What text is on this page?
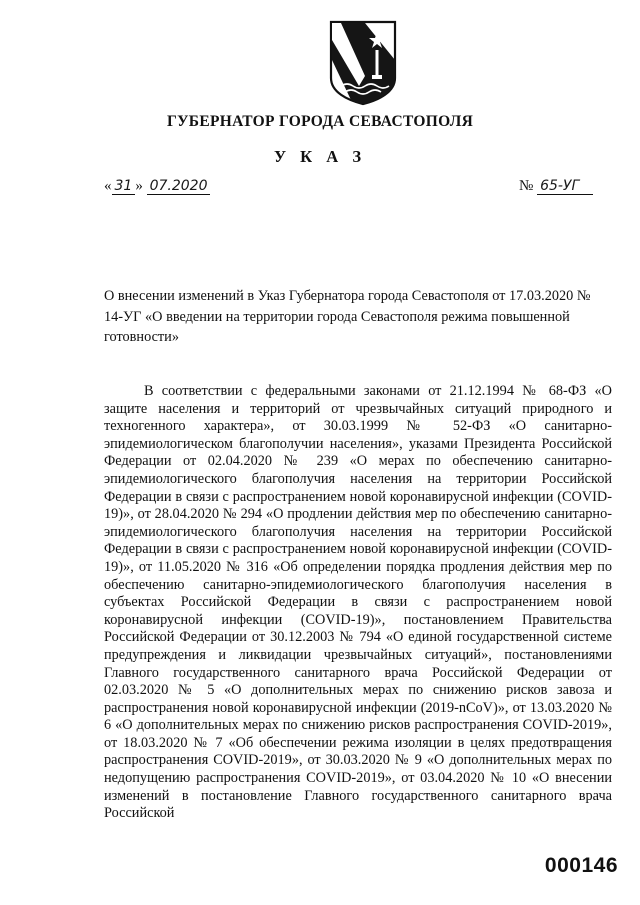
ГУБЕРНАТОР ГОРОДА СЕВАСТОПОЛЯ
У К А З
« 31 » 07.2020	№ 65-УГ
О внесении изменений в Указ Губернатора города Севастополя от 17.03.2020 № 14-УГ «О введении на территории города Севастополя режима повышенной готовности»
В соответствии с федеральными законами от 21.12.1994 № 68-ФЗ «О защите населения и территорий от чрезвычайных ситуаций природного и техногенного характера», от 30.03.1999 № 52-ФЗ «О санитарно-эпидемиологическом благополучии населения», указами Президента Российской Федерации от 02.04.2020 № 239 «О мерах по обеспечению санитарно-эпидемиологического благополучия населения на территории Российской Федерации в связи с распространением новой коронавирусной инфекции (COVID-19)», от 28.04.2020 № 294 «О продлении действия мер по обеспечению санитарно-эпидемиологического благополучия населения на территории Российской Федерации в связи с распространением новой коронавирусной инфекции (COVID-19)», от 11.05.2020 № 316 «Об определении порядка продления действия мер по обеспечению санитарно-эпидемиологического благополучия населения в субъектах Российской Федерации в связи с распространением новой коронавирусной инфекции (COVID-19)», постановлением Правительства Российской Федерации от 30.12.2003 № 794 «О единой государственной системе предупреждения и ликвидации чрезвычайных ситуаций», постановлениями Главного государственного санитарного врача Российской Федерации от 02.03.2020 № 5 «О дополнительных мерах по снижению рисков завоза и распространения новой коронавирусной инфекции (2019-nCoV)», от 13.03.2020 № 6 «О дополнительных мерах по снижению рисков распространения COVID-2019», от 18.03.2020 № 7 «Об обеспечении режима изоляции в целях предотвращения распространения COVID-2019», от 30.03.2020 № 9 «О дополнительных мерах по недопущению распространения COVID-2019», от 03.04.2020 № 10 «О внесении изменений в постановление Главного государственного санитарного врача Российской
000146
